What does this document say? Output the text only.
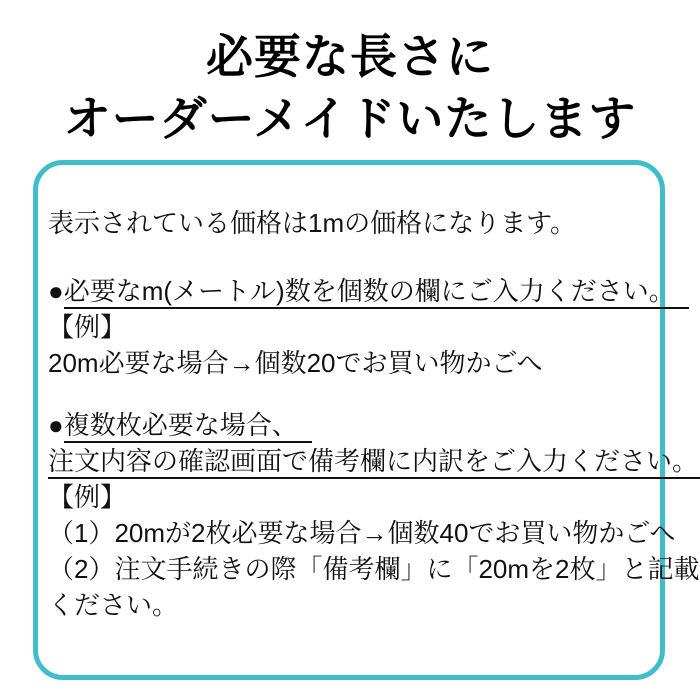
必要な長さに
オーダーメイドいたします

表示されている価格は1mの価格になります。

●必要なm(メートル)数を個数の欄にご入力ください。

【例】

20m必要な場合→個数20でお買い物かごへ

●複数枚必要な場合、

注文内容の確認画面で備考欄に内訳をご入力ください。

【例】

（1）20mが2枚必要な場合→個数40でお買い物かごへ

（2）注文手続きの際「備考欄」に「20mを2枚」と記載

ください。
